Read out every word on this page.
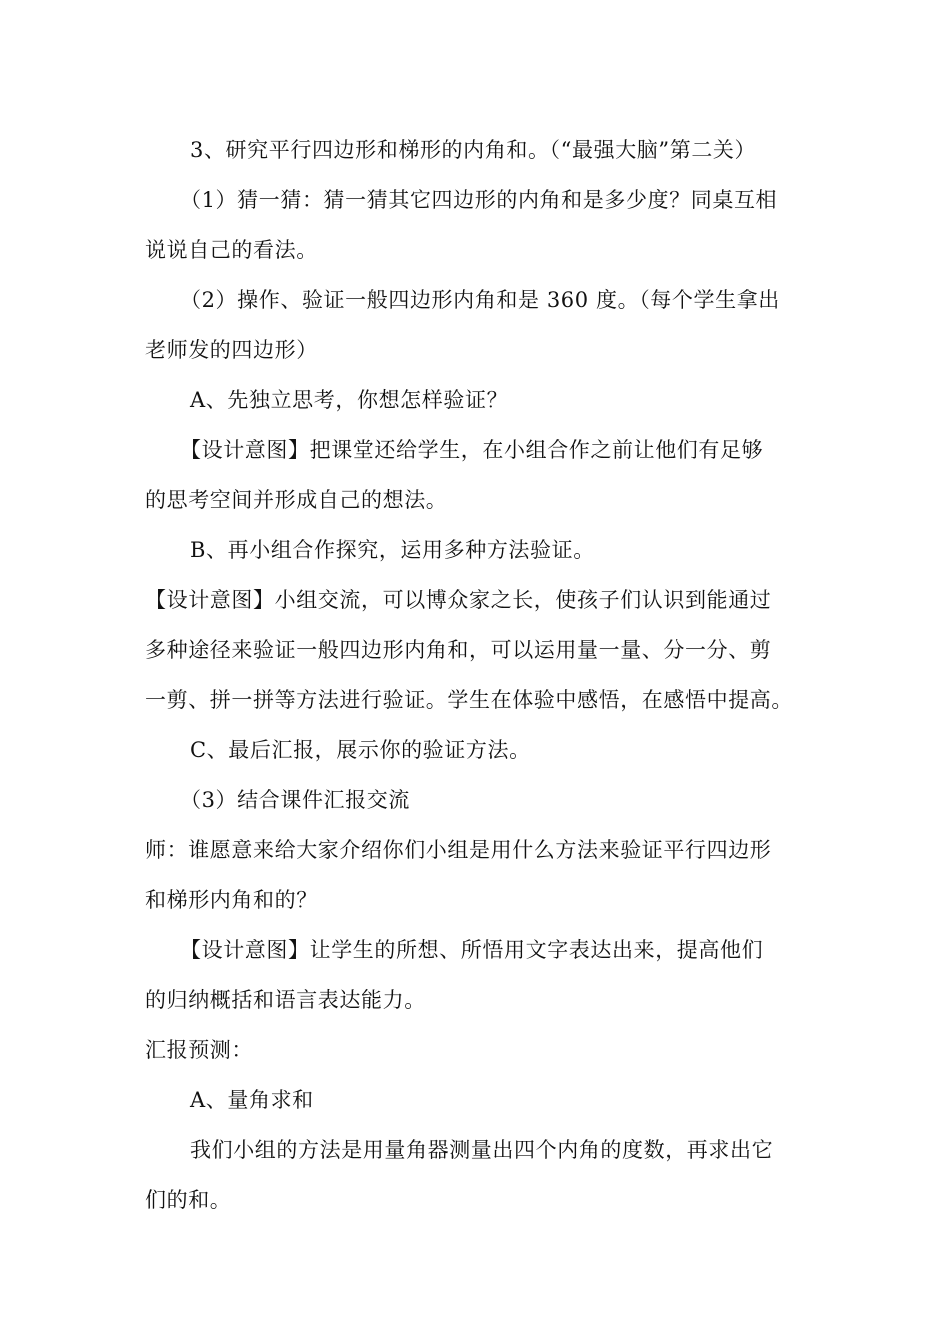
3、研究平行四边形和梯形的内角和。（“最强大脑”第二关）
（1）猜一猜：猜一猜其它四边形的内角和是多少度？同桌互相
说说自己的看法。
（2）操作、验证一般四边形内角和是 360 度。（每个学生拿出
老师发的四边形）
A、先独立思考，你想怎样验证？
【设计意图】把课堂还给学生，在小组合作之前让他们有足够
的思考空间并形成自己的想法。
B、再小组合作探究，运用多种方法验证。
【设计意图】小组交流，可以博众家之长，使孩子们认识到能通过
多种途径来验证一般四边形内角和，可以运用量一量、分一分、剪
一剪、拼一拼等方法进行验证。学生在体验中感悟，在感悟中提高。
C、最后汇报，展示你的验证方法。
（3）结合课件汇报交流
师：谁愿意来给大家介绍你们小组是用什么方法来验证平行四边形
和梯形内角和的？
【设计意图】让学生的所想、所悟用文字表达出来，提高他们
的归纳概括和语言表达能力。
汇报预测：
A、量角求和
我们小组的方法是用量角器测量出四个内角的度数，再求出它
们的和。
